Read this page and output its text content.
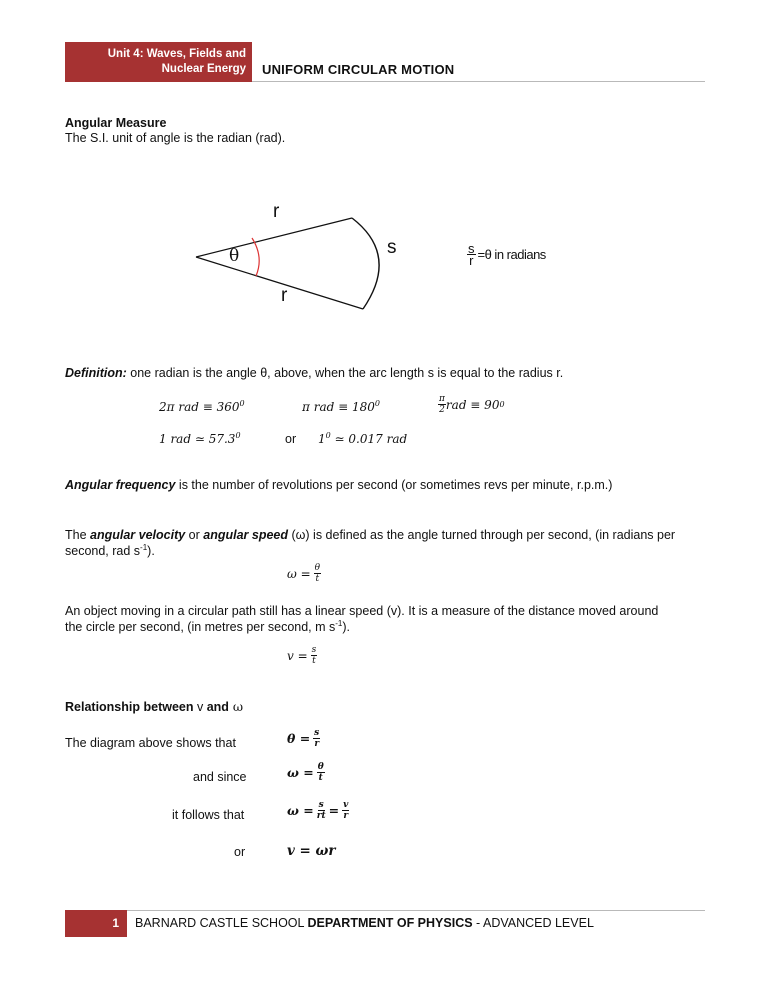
Unit 4: Waves, Fields and
Nuclear Energy UNIFORM CIRCULAR MOTION
Angular Measure
The S.I. unit of angle is the radian (rad).
r
r
s
θ	$\frac{s}{r} =\theta$ in radians
Definition: one radian is the angle θ, above, when the arc length s is equal to the radius r.
2π rad ≡ $360^0$	π rad ≡ $180^0$	$\frac{\pi}{2}$ rad ≡ 90 0
1 rad ≃ 57.3$^0$	or $1^0$ ≃ 0.017 rad
Angular frequency is the number of revolutions per second (or sometimes revs per minute, r.p.m.)
The angular velocity or angular speed (ω) is defined as the angle turned through per second, (in radians per
second, rad $s^{-1}$).
$\omega = \frac{\theta}{t}$
An object moving in a circular path still has a linear speed (v). It is a measure of the distance moved around
the circle per second, (in metres per second, m $s^{-1}$).
$v = \frac{s}{t}$
Relationship between v and ω
The diagram above shows that	$\theta = \frac{s}{r}$
and since	$\omega = \frac{\theta}{t}$
it follows that	$\omega = \frac{s}{rt} = \frac{v}{r}$
or	v = ωr
1	BARNARD CASTLE SCHOOL DEPARTMENT OF PHYSICS - ADVANCED LEVEL
